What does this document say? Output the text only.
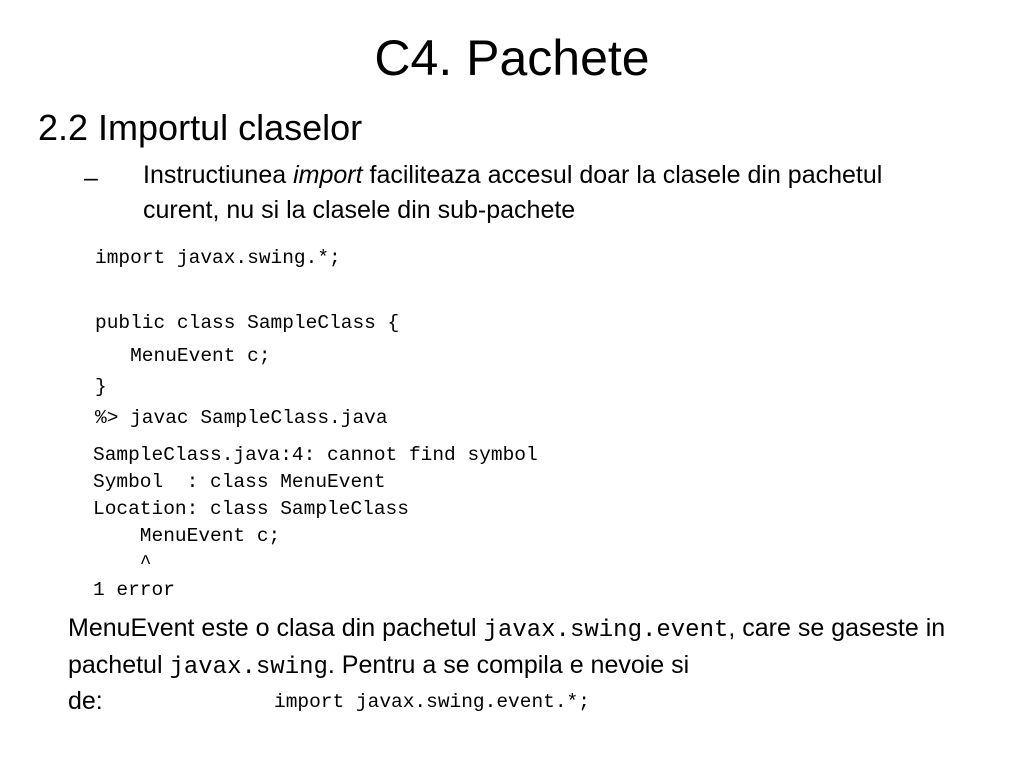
C4. Pachete
2.2 Importul claselor
– Instructiunea import faciliteaza accesul doar la clasele din pachetul curent, nu si la clasele din sub-pachete
import javax.swing.*;
public class SampleClass {
MenuEvent c;
}
%> javac SampleClass.java
SampleClass.java:4: cannot find symbol
Symbol  : class MenuEvent
Location: class SampleClass
MenuEvent c;
^
1 error
MenuEvent este o clasa din pachetul javax.swing.event, care se gaseste in pachetul javax.swing. Pentru a se compila e nevoie si
de:	import javax.swing.event.*;
